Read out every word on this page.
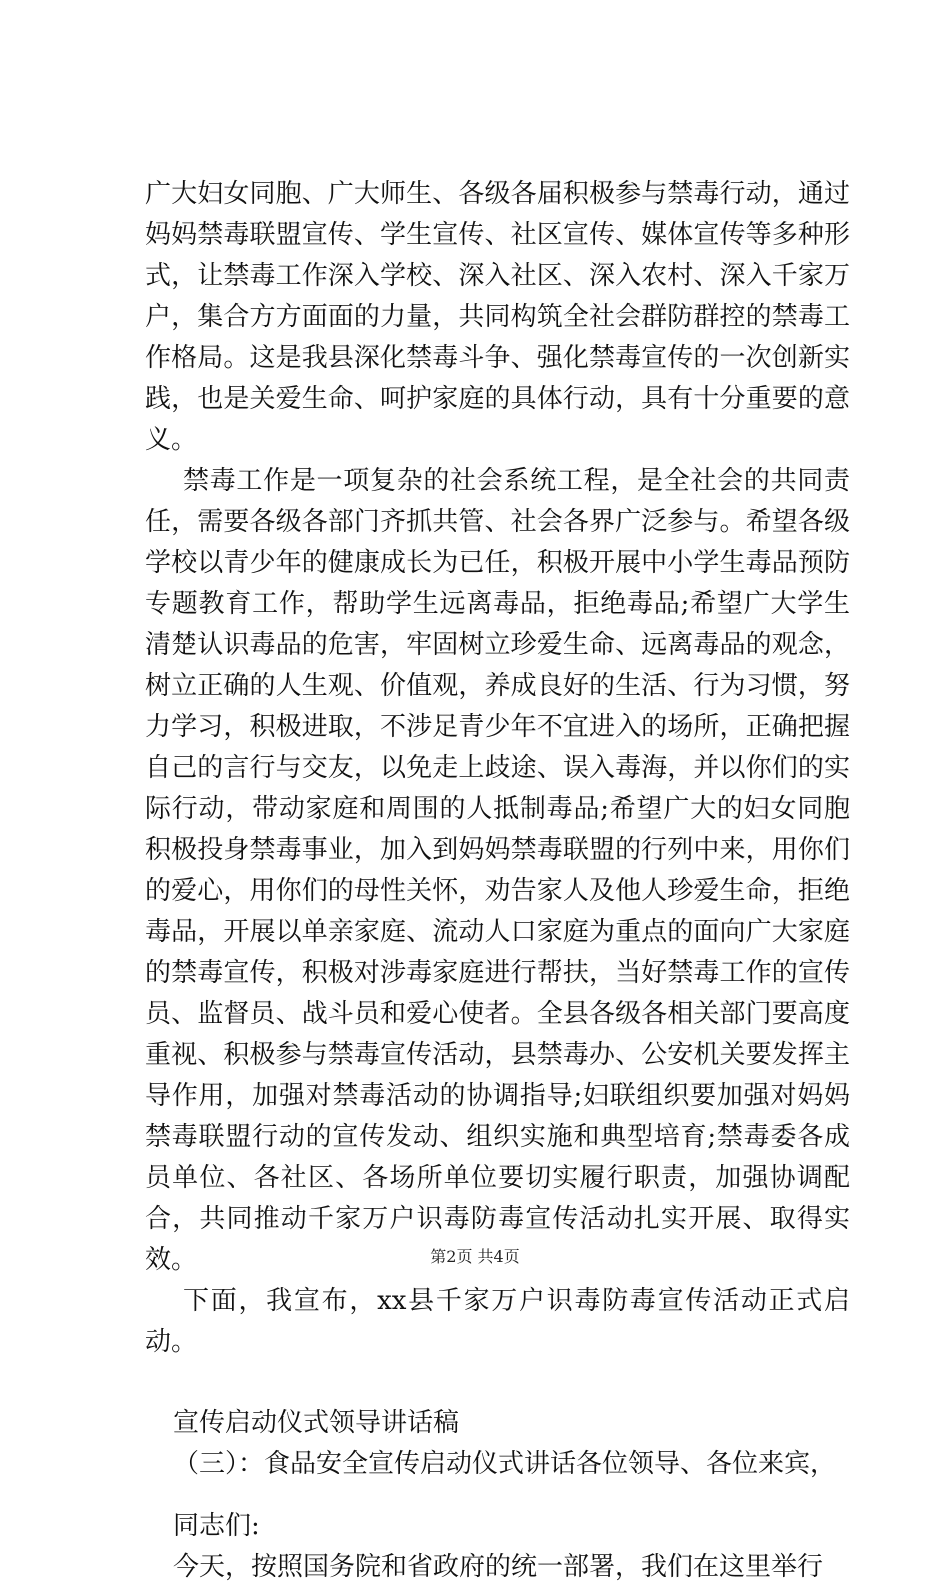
广大妇女同胞、广大师生、各级各届积极参与禁毒行动，通过妈妈禁毒联盟宣传、学生宣传、社区宣传、媒体宣传等多种形式，让禁毒工作深入学校、深入社区、深入农村、深入千家万户，集合方方面面的力量，共同构筑全社会群防群控的禁毒工作格局。这是我县深化禁毒斗争、强化禁毒宣传的一次创新实践，也是关爱生命、呵护家庭的具体行动，具有十分重要的意义。

禁毒工作是一项复杂的社会系统工程，是全社会的共同责任，需要各级各部门齐抓共管、社会各界广泛参与。希望各级学校以青少年的健康成长为已任，积极开展中小学生毒品预防专题教育工作，帮助学生远离毒品，拒绝毒品;希望广大学生清楚认识毒品的危害，牢固树立珍爱生命、远离毒品的观念，树立正确的人生观、价值观，养成良好的生活、行为习惯，努力学习，积极进取，不涉足青少年不宜进入的场所，正确把握自己的言行与交友，以免走上歧途、误入毒海，并以你们的实际行动，带动家庭和周围的人抵制毒品;希望广大的妇女同胞积极投身禁毒事业，加入到妈妈禁毒联盟的行列中来，用你们的爱心，用你们的母性关怀，劝告家人及他人珍爱生命，拒绝毒品，开展以单亲家庭、流动人口家庭为重点的面向广大家庭的禁毒宣传，积极对涉毒家庭进行帮扶，当好禁毒工作的宣传员、监督员、战斗员和爱心使者。全县各级各相关部门要高度重视、积极参与禁毒宣传活动，县禁毒办、公安机关要发挥主导作用，加强对禁毒活动的协调指导;妇联组织要加强对妈妈禁毒联盟行动的宣传发动、组织实施和典型培育;禁毒委各成员单位、各社区、各场所单位要切实履行职责，加强协调配合，共同推动千家万户识毒防毒宣传活动扎实开展、取得实效。

下面，我宣布，xx县千家万户识毒防毒宣传活动正式启动。

宣传启动仪式领导讲话稿

（三）：食品安全宣传启动仪式讲话各位领导、各位来宾，

同志们:

今天，按照国务院和省政府的统一部署，我们在这里举行

第2页 共4页
